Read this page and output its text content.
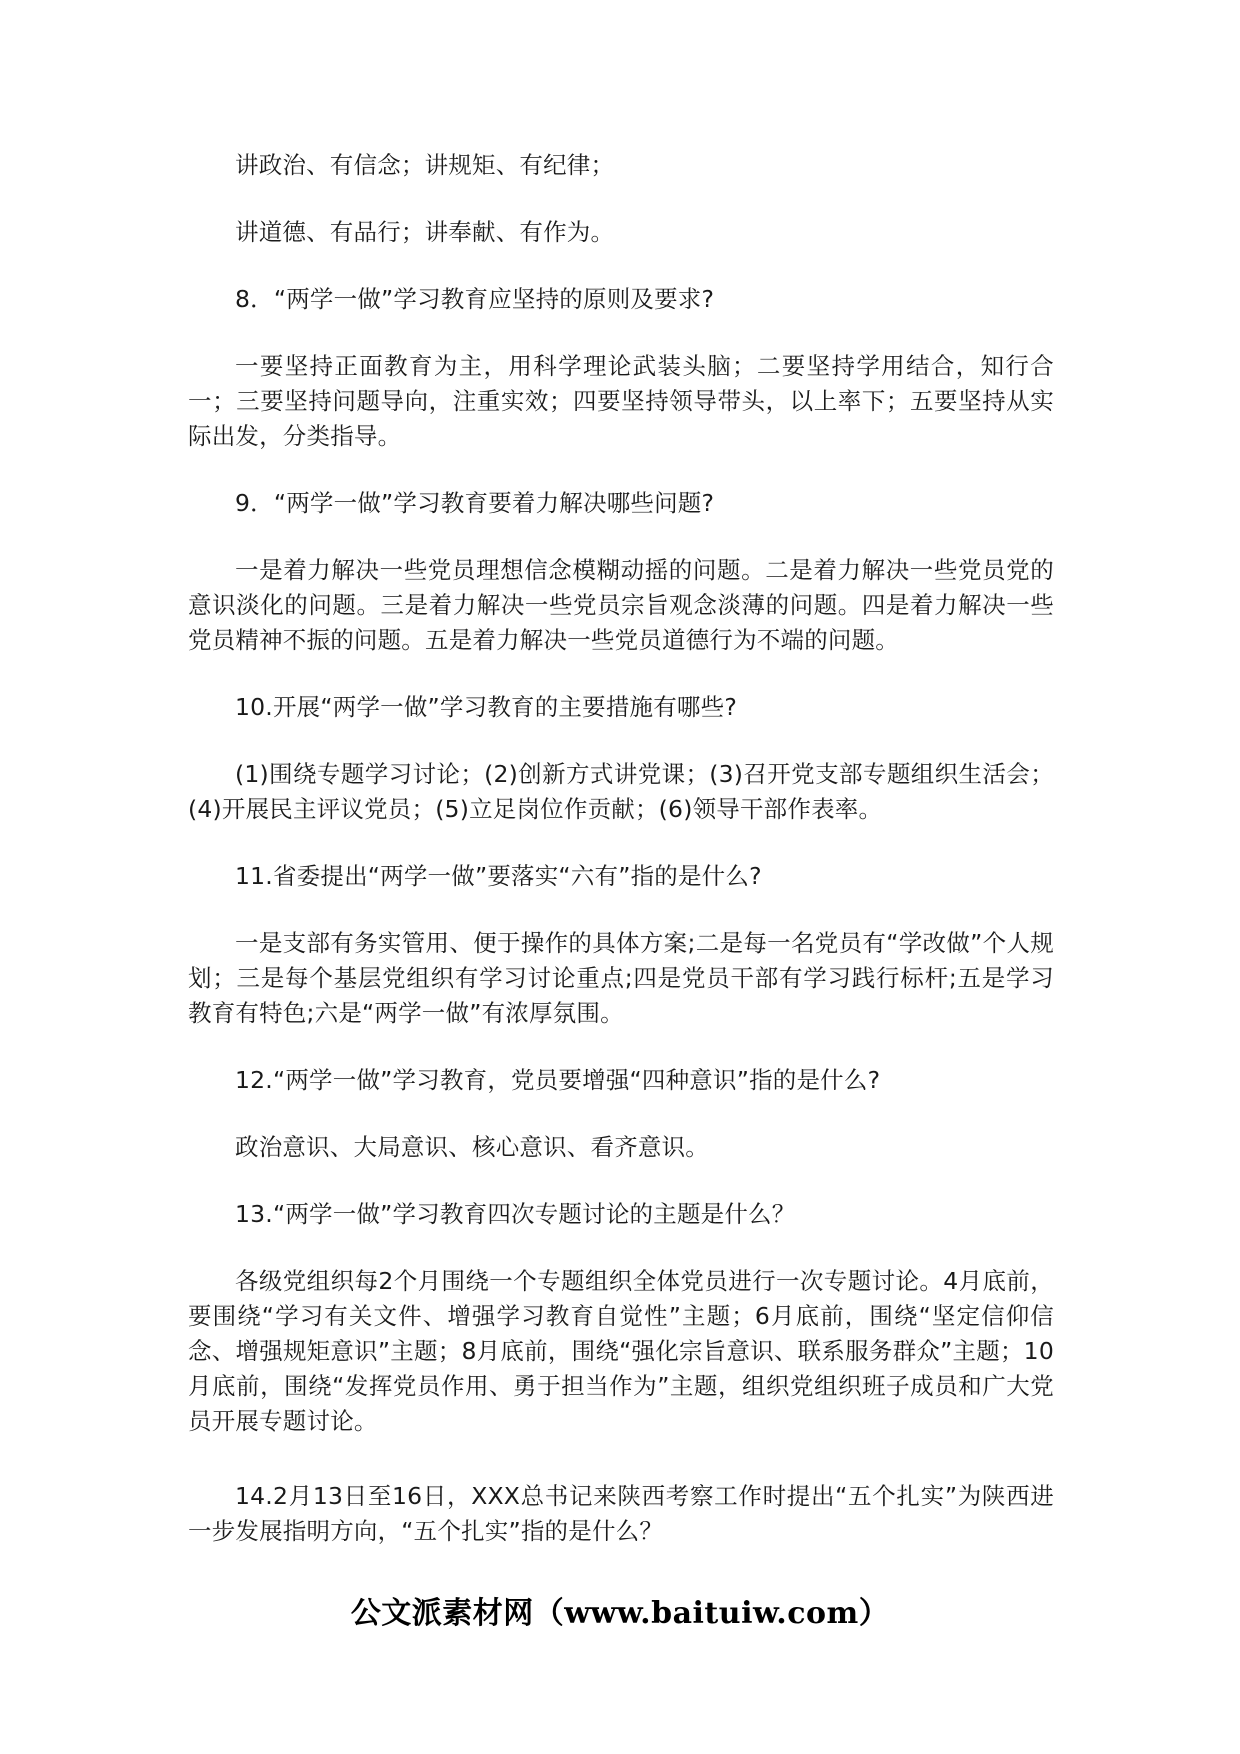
讲政治、有信念；讲规矩、有纪律；

讲道德、有品行；讲奉献、有作为。

8．“两学一做”学习教育应坚持的原则及要求?

一要坚持正面教育为主，用科学理论武装头脑；二要坚持学用结合，知行合一；三要坚持问题导向，注重实效；四要坚持领导带头，以上率下；五要坚持从实际出发，分类指导。

9．“两学一做”学习教育要着力解决哪些问题?

一是着力解决一些党员理想信念模糊动摇的问题。二是着力解决一些党员党的意识淡化的问题。三是着力解决一些党员宗旨观念淡薄的问题。四是着力解决一些党员精神不振的问题。五是着力解决一些党员道德行为不端的问题。

10.开展“两学一做”学习教育的主要措施有哪些?

(1)围绕专题学习讨论；(2)创新方式讲党课；(3)召开党支部专题组织生活会；(4)开展民主评议党员；(5)立足岗位作贡献；(6)领导干部作表率。

11.省委提出“两学一做”要落实“六有”指的是什么?

一是支部有务实管用、便于操作的具体方案;二是每一名党员有“学改做”个人规划；三是每个基层党组织有学习讨论重点;四是党员干部有学习践行标杆;五是学习教育有特色;六是“两学一做”有浓厚氛围。

12.“两学一做”学习教育，党员要增强“四种意识”指的是什么?

政治意识、大局意识、核心意识、看齐意识。

13.“两学一做”学习教育四次专题讨论的主题是什么？

各级党组织每2个月围绕一个专题组织全体党员进行一次专题讨论。4月底前，要围绕“学习有关文件、增强学习教育自觉性”主题；6月底前，围绕“坚定信仰信念、增强规矩意识”主题；8月底前，围绕“强化宗旨意识、联系服务群众”主题；10月底前，围绕“发挥党员作用、勇于担当作为”主题，组织党组织班子成员和广大党员开展专题讨论。

14.2月13日至16日，XXX总书记来陕西考察工作时提出“五个扎实”为陕西进一步发展指明方向，“五个扎实”指的是什么？

公文派素材网（www.baituiw.com）
